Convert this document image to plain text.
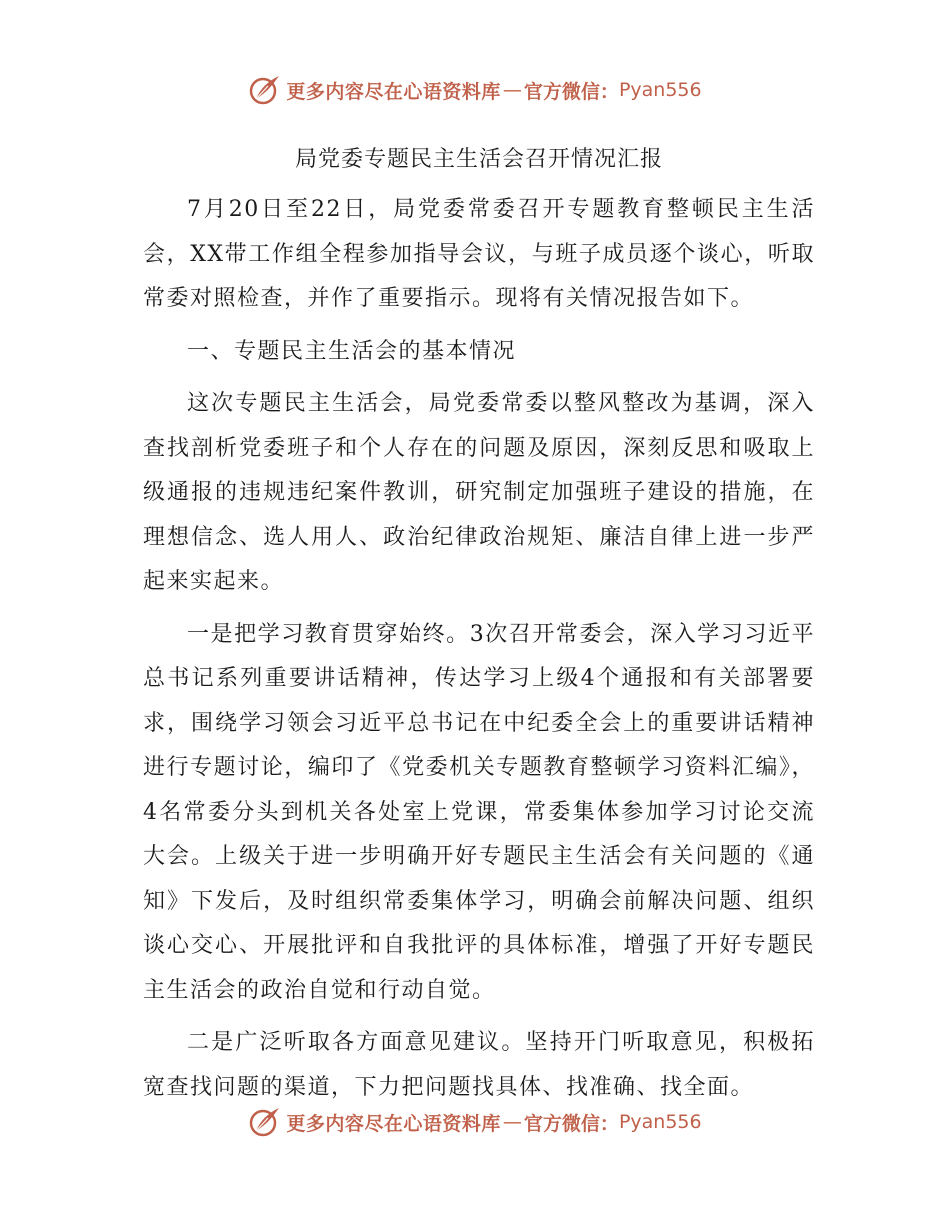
更多内容尽在心语资料库 — 官方微信： Pyan556
局党委专题民主生活会召开情况汇报

7月20日至22日，局党委常委召开专题教育整顿民主生活会，XX带工作组全程参加指导会议，与班子成员逐个谈心，听取常委对照检查，并作了重要指示。现将有关情况报告如下。

一、专题民主生活会的基本情况

这次专题民主生活会，局党委常委以整风整改为基调，深入查找剖析党委班子和个人存在的问题及原因，深刻反思和吸取上级通报的违规违纪案件教训，研究制定加强班子建设的措施，在理想信念、选人用人、政治纪律政治规矩、廉洁自律上进一步严起来实起来。

一是把学习教育贯穿始终。3次召开常委会，深入学习习近平总书记系列重要讲话精神，传达学习上级4个通报和有关部署要求，围绕学习领会习近平总书记在中纪委全会上的重要讲话精神进行专题讨论，编印了《党委机关专题教育整顿学习资料汇编》，4名常委分头到机关各处室上党课，常委集体参加学习讨论交流大会。上级关于进一步明确开好专题民主生活会有关问题的《通知》下发后，及时组织常委集体学习，明确会前解决问题、组织谈心交心、开展批评和自我批评的具体标准，增强了开好专题民主生活会的政治自觉和行动自觉。

二是广泛听取各方面意见建议。坚持开门听取意见，积极拓宽查找问题的渠道，下力把问题找具体、找准确、找全面。

更多内容尽在心语资料库 — 官方微信： Pyan556
